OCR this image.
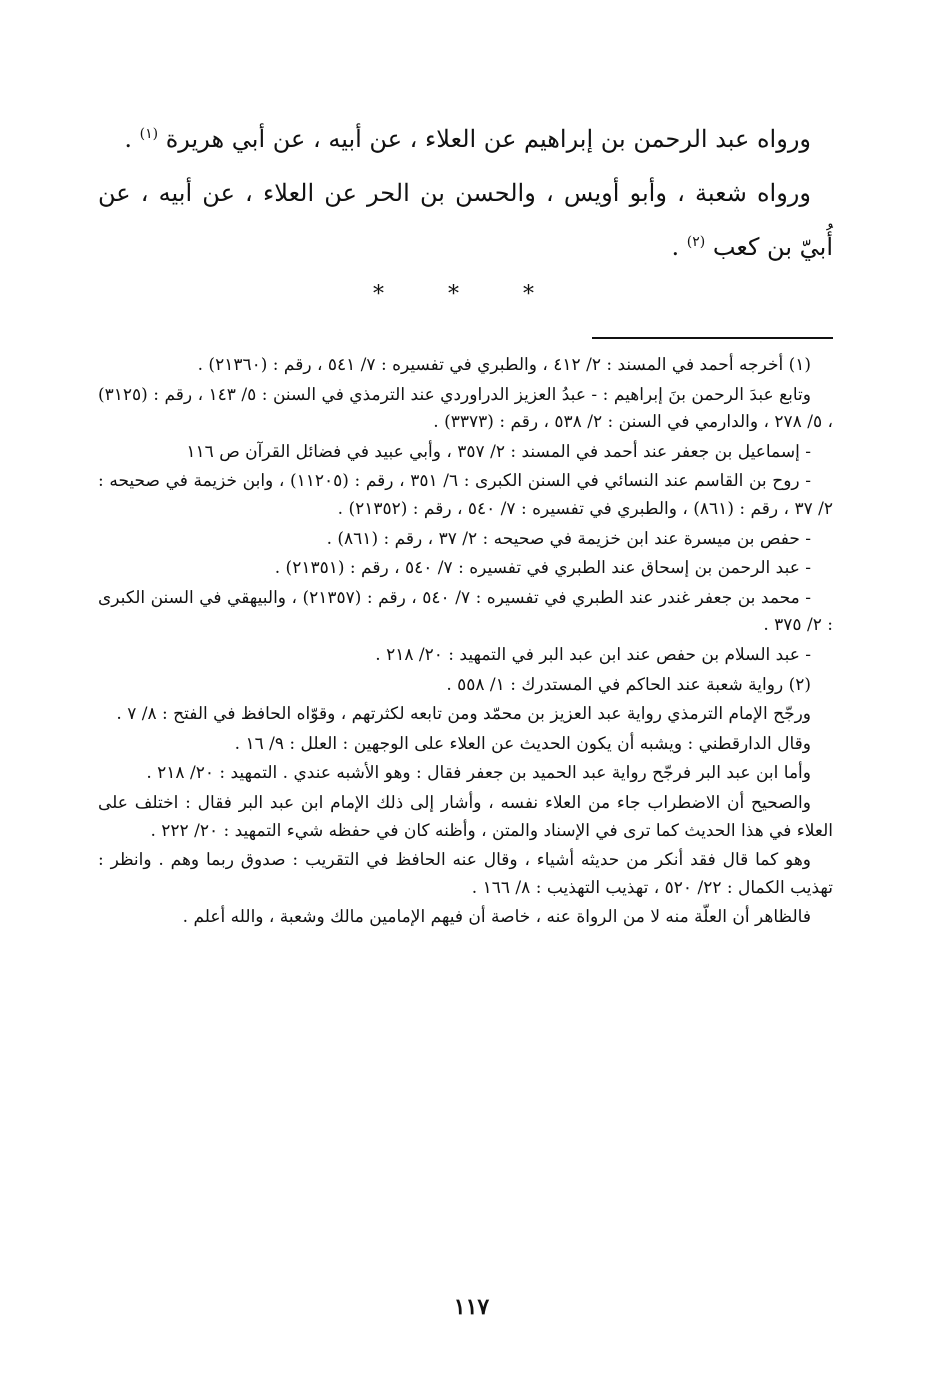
ورواه عبد الرحمن بن إبراهيم عن العلاء ، عن أبيه ، عن أبي هريرة $^{(١)}$ .

ورواه شعبة ، وأبو أويس ، والحسن بن الحر عن العلاء ، عن أبيه ، عن أُبيّ بن كعب $^{(٢)}$ .

***

(١) أخرجه أحمد في المسند : ٢/ ٤١٢ ، والطبري في تفسيره : ٧/ ٥٤١ ، رقم : (٢١٣٦٠) .

وتابع عبدَ الرحمن بنَ إبراهيم : - عبدُ العزيز الدراوردي عند الترمذي في السنن : ٥/ ١٤٣ ، رقم : (٣١٢٥) ، ٥/ ٢٧٨ ، والدارمي في السنن : ٢/ ٥٣٨ ، رقم : (٣٣٧٣) .

- إسماعيل بن جعفر عند أحمد في المسند : ٢/ ٣٥٧ ، وأبي عبيد في فضائل القرآن ص ١١٦

- روح بن القاسم عند النسائي في السنن الكبرى : ٦/ ٣٥١ ، رقم : (١١٢٠٥) ، وابن خزيمة في صحيحه : ٢/ ٣٧ ، رقم : (٨٦١) ، والطبري في تفسيره : ٧/ ٥٤٠ ، رقم : (٢١٣٥٢) .

- حفص بن ميسرة عند ابن خزيمة في صحيحه : ٢/ ٣٧ ، رقم : (٨٦١) .

- عبد الرحمن بن إسحاق عند الطبري في تفسيره : ٧/ ٥٤٠ ، رقم : (٢١٣٥١) .

- محمد بن جعفر غندر عند الطبري في تفسيره : ٧/ ٥٤٠ ، رقم : (٢١٣٥٧) ، والبيهقي في السنن الكبرى : ٢/ ٣٧٥ .

- عبد السلام بن حفص عند ابن عبد البر في التمهيد : ٢٠/ ٢١٨ .

(٢) رواية شعبة عند الحاكم في المستدرك : ١/ ٥٥٨ .

ورجّح الإمام الترمذي رواية عبد العزيز بن محمّد ومن تابعه لكثرتهم ، وقوّاه الحافظ في الفتح : ٨/ ٧ .

وقال الدارقطني : ويشبه أن يكون الحديث عن العلاء على الوجهين : العلل : ٩/ ١٦ .

وأما ابن عبد البر فرجّح رواية عبد الحميد بن جعفر فقال : وهو الأشبه عندي . التمهيد : ٢٠/ ٢١٨ .

والصحيح أن الاضطراب جاء من العلاء نفسه ، وأشار إلى ذلك الإمام ابن عبد البر فقال : اختلف على العلاء في هذا الحديث كما ترى في الإسناد والمتن ، وأظنه كان في حفظه شيء التمهيد : ٢٠/ ٢٢٢ .

وهو كما قال فقد أنكر من حديثه أشياء ، وقال عنه الحافظ في التقريب : صدوق ربما وهم . وانظر : تهذيب الكمال : ٢٢/ ٥٢٠ ، تهذيب التهذيب : ٨/ ١٦٦ .

فالظاهر أن العلّة منه لا من الرواة عنه ، خاصة أن فيهم الإمامين مالك وشعبة ، والله أعلم .

١١٧
